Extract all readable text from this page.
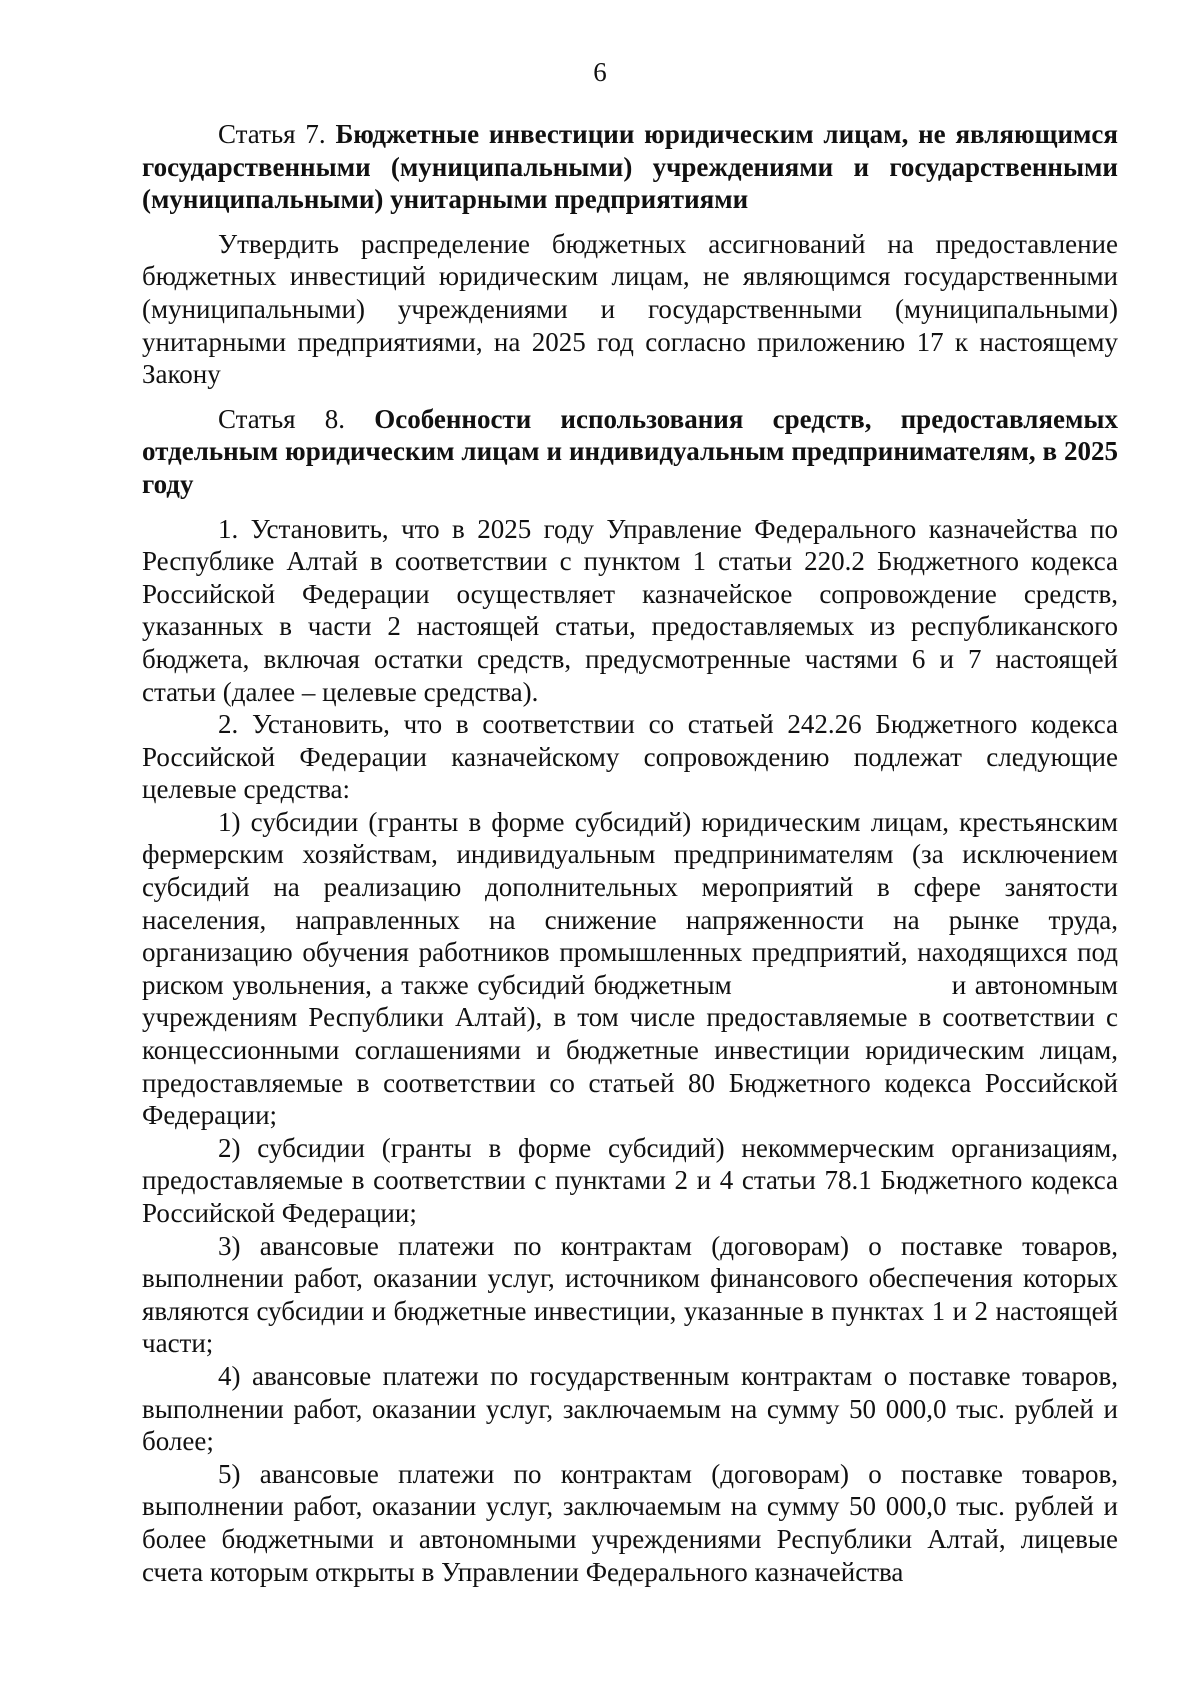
6

Статья 7. Бюджетные инвестиции юридическим лицам, не являющимся государственными (муниципальными) учреждениями и государственными (муниципальными) унитарными предприятиями

Утвердить распределение бюджетных ассигнований на предоставление бюджетных инвестиций юридическим лицам, не являющимся государственными (муниципальными) учреждениями и государственными (муниципальными) унитарными предприятиями, на 2025 год согласно приложению 17 к настоящему Закону

Статья 8. Особенности использования средств, предоставляемых отдельным юридическим лицам и индивидуальным предпринимателям, в 2025 году

1. Установить, что в 2025 году Управление Федерального казначейства по Республике Алтай в соответствии с пунктом 1 статьи 220.2 Бюджетного кодекса Российской Федерации осуществляет казначейское сопровождение средств, указанных в части 2 настоящей статьи, предоставляемых из республиканского бюджета, включая остатки средств, предусмотренные частями 6 и 7 настоящей статьи (далее – целевые средства).

2. Установить, что в соответствии со статьей 242.26 Бюджетного кодекса Российской Федерации казначейскому сопровождению подлежат следующие целевые средства:

1) субсидии (гранты в форме субсидий) юридическим лицам, крестьянским фермерским хозяйствам, индивидуальным предпринимателям (за исключением субсидий на реализацию дополнительных мероприятий в сфере занятости населения, направленных на снижение напряженности на рынке труда, организацию обучения работников промышленных предприятий, находящихся под риском увольнения, а также субсидий бюджетным	и автономным учреждениям Республики Алтай), в том числе предоставляемые в соответствии с концессионными соглашениями и бюджетные инвестиции юридическим лицам, предоставляемые в соответствии со статьей 80 Бюджетного кодекса Российской Федерации;

2) субсидии (гранты в форме субсидий) некоммерческим организациям, предоставляемые в соответствии с пунктами 2 и 4 статьи 78.1 Бюджетного кодекса Российской Федерации;

3) авансовые платежи по контрактам (договорам) о поставке товаров, выполнении работ, оказании услуг, источником финансового обеспечения которых являются субсидии и бюджетные инвестиции, указанные в пунктах 1 и 2 настоящей части;

4) авансовые платежи по государственным контрактам о поставке товаров, выполнении работ, оказании услуг, заключаемым на сумму 50 000,0 тыс. рублей и более;

5) авансовые платежи по контрактам (договорам) о поставке товаров, выполнении работ, оказании услуг, заключаемым на сумму 50 000,0 тыс. рублей и более бюджетными и автономными учреждениями Республики Алтай, лицевые счета которым открыты в Управлении Федерального казначейства
